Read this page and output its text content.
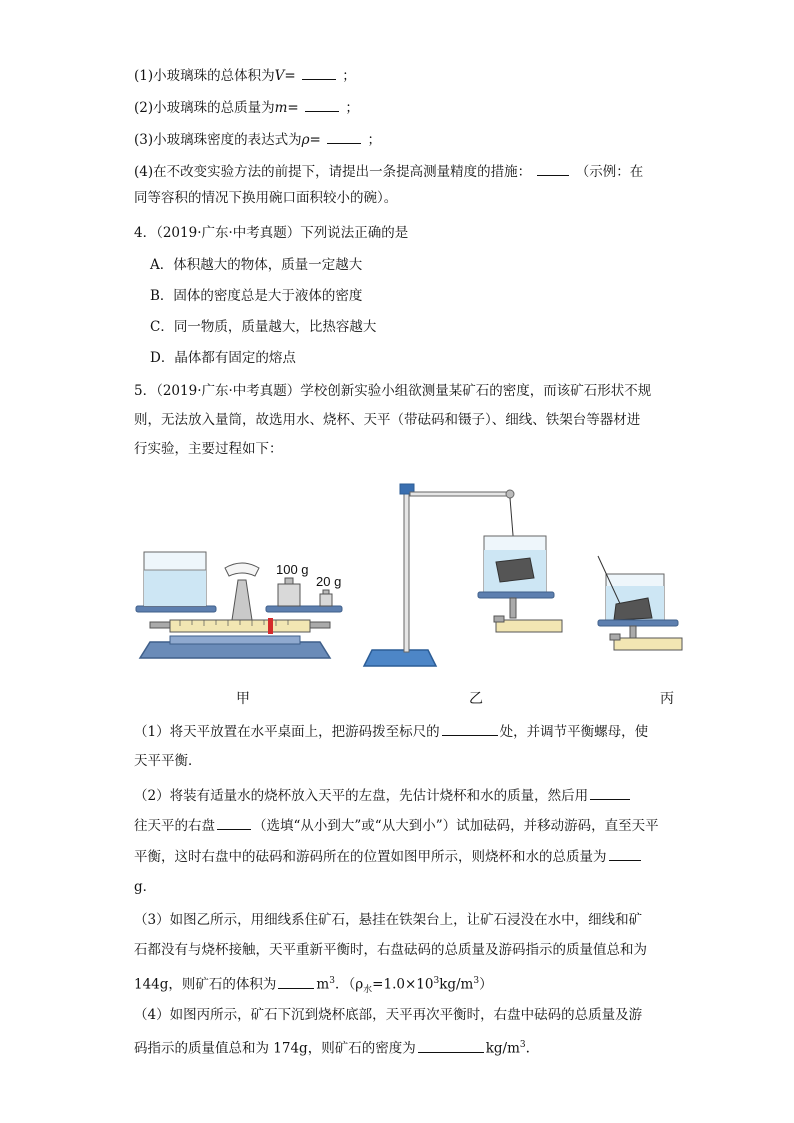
(1)小玻璃珠的总体积为V=	；
(2)小玻璃珠的总质量为m=	；
(3)小玻璃珠密度的表达式为ρ=	；
(4)在不改变实验方法的前提下，请提出一条提高测量精度的措施：	（示例：在
同等容积的情况下换用碗口面积较小的碗）。
4．（2019·广东·中考真题）下列说法正确的是
A．体积越大的物体，质量一定越大
B．固体的密度总是大于液体的密度
C．同一物质，质量越大，比热容越大
D．晶体都有固定的熔点
5．（2019·广东·中考真题）学校创新实验小组欲测量某矿石的密度，而该矿石形状不规
则，无法放入量筒，故选用水、烧杯、天平（带砝码和镊子）、细线、铁架台等器材进
行实验，主要过程如下：
100 g
20 g
甲	乙	丙
（1）将天平放置在水平桌面上，把游码拨至标尺的	处，并调节平衡螺母，使
天平平衡．
（2）将装有适量水的烧杯放入天平的左盘，先估计烧杯和水的质量，然后用
往天平的右盘	（选填“从小到大”或“从大到小”）试加砝码，并移动游码，直至天平
平衡，这时右盘中的砝码和游码所在的位置如图甲所示，则烧杯和水的总质量为
g．
（3）如图乙所示，用细线系住矿石，悬挂在铁架台上，让矿石浸没在水中，细线和矿
石都没有与烧杯接触，天平重新平衡时，右盘砝码的总质量及游码指示的质量值总和为
144g，则矿石的体积为	$m^3$．$(\rho_水=1.0\times 10^3kg/m^3)$
（4）如图丙所示，矿石下沉到烧杯底部，天平再次平衡时，右盘中砝码的总质量及游
码指示的质量值总和为 174g，则矿石的密度为	$kg/m^3$.
